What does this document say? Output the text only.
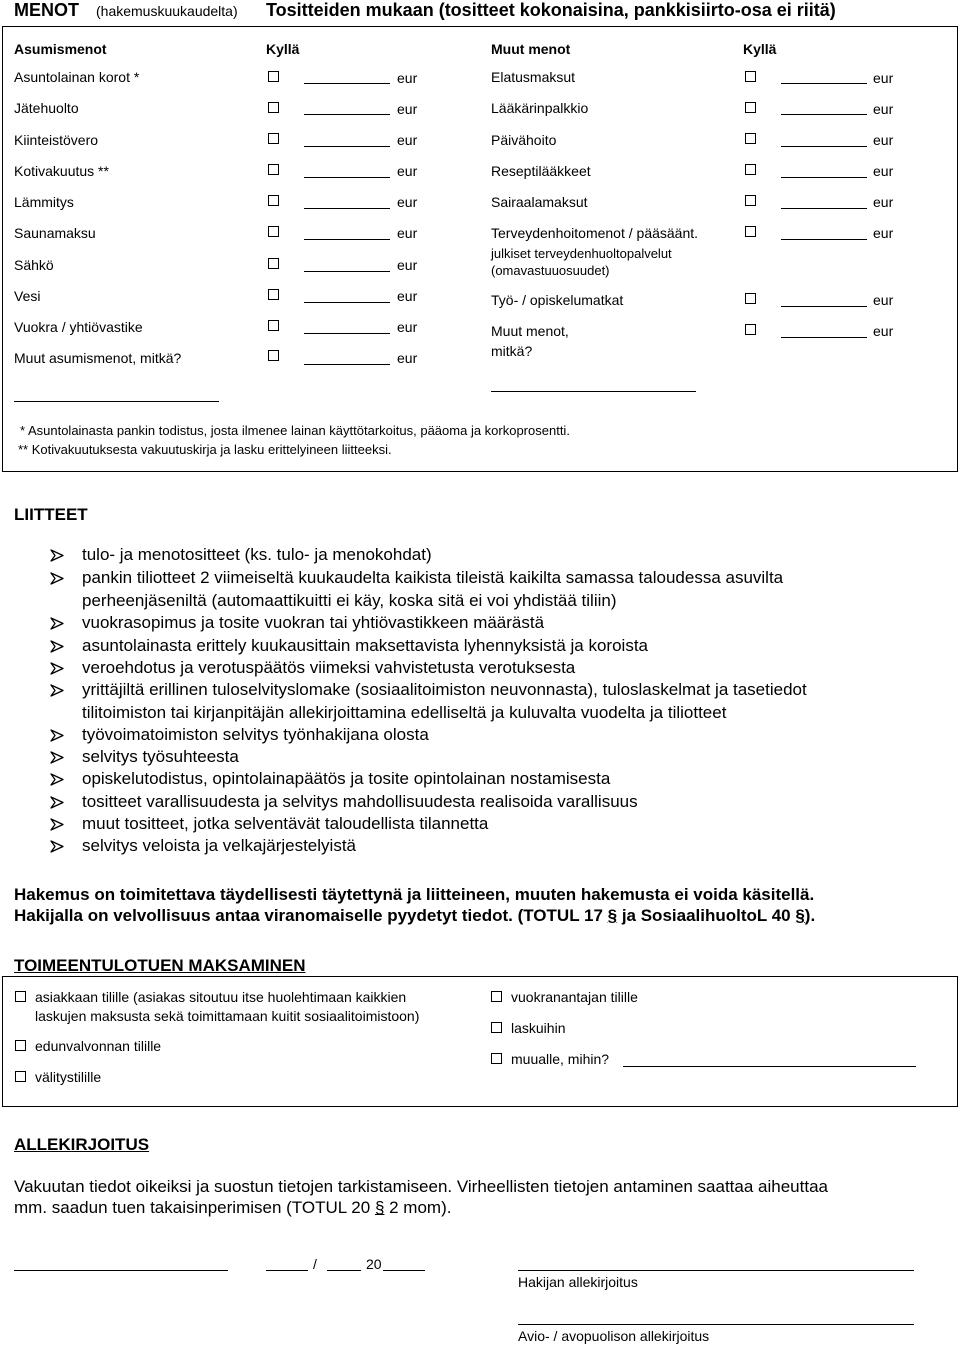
MENOT (hakemuskuukaudelta) Tositteiden mukaan (tositteet kokonaisina, pankkisiirto-osa ei riitä)
Asumismenot	Kyllä	Muut menot	Kyllä
Asuntolainan korot *	eur
Jätehuolto	eur
Kiinteistövero	eur
Kotivakuutus **	eur
Lämmitys	eur
Saunamaksu	eur
Sähkö	eur
Vesi	eur
Vuokra / yhtiövastike	eur
Muut asumismenot, mitkä?	eur
Elatusmaksut	eur
Lääkärinpalkkio	eur
Päivähoito	eur
Reseptilääkkeet	eur
Sairaalamaksut	eur
Terveydenhoitomenot / pääsäänt.	eur
julkiset terveydenhuoltopalvelut
(omavastuuosuudet)
Työ- / opiskelumatkat	eur
Muut menot,
mitkä?
eur
* Asuntolainasta pankin todistus, josta ilmenee lainan käyttötarkoitus, pääoma ja korkoprosentti.
** Kotivakuutuksesta vakuutuskirja ja lasku erittelyineen liitteeksi.
LIITTEET
tulo- ja menotositteet (ks. tulo- ja menokohdat)
pankin tiliotteet 2 viimeiseltä kuukaudelta kaikista tileistä kaikilta samassa taloudessa asuvilta
perheenjäseniltä (automaattikuitti ei käy, koska sitä ei voi yhdistää tiliin)
vuokrasopimus ja tosite vuokran tai yhtiövastikkeen määrästä
asuntolainasta erittely kuukausittain maksettavista lyhennyksistä ja koroista
veroehdotus ja verotuspäätös viimeksi vahvistetusta verotuksesta
yrittäjiltä erillinen tuloselvityslomake (sosiaalitoimiston neuvonnasta), tuloslaskelmat ja tasetiedot
tilitoimiston tai kirjanpitäjän allekirjoittamina edelliseltä ja kuluvalta vuodelta ja tiliotteet
työvoimatoimiston selvitys työnhakijana olosta
selvitys työsuhteesta
opiskelutodistus, opintolainapäätös ja tosite opintolainan nostamisesta
tositteet varallisuudesta ja selvitys mahdollisuudesta realisoida varallisuus
muut tositteet, jotka selventävät taloudellista tilannetta
selvitys veloista ja velkajärjestelyistä
Hakemus on toimitettava täydellisesti täytettynä ja liitteineen, muuten hakemusta ei voida käsitellä.
Hakijalla on velvollisuus antaa viranomaiselle pyydetyt tiedot. (TOTUL 17 § ja SosiaalihuoltoL 40 §).
TOIMEENTULOTUEN MAKSAMINEN
asiakkaan tilille (asiakas sitoutuu itse huolehtimaan kaikkien
laskujen maksusta sekä toimittamaan kuitit sosiaalitoimistoon)
edunvalvonnan tilille
välitystilille
vuokranantajan tilille
laskuihin
muualle, mihin?
ALLEKIRJOITUS
Vakuutan tiedot oikeiksi ja suostun tietojen tarkistamiseen. Virheellisten tietojen antaminen saattaa aiheuttaa
mm. saadun tuen takaisinperimisen (TOTUL 20 § 2 mom).
/	20
Hakijan allekirjoitus
Avio- / avopuolison allekirjoitus
